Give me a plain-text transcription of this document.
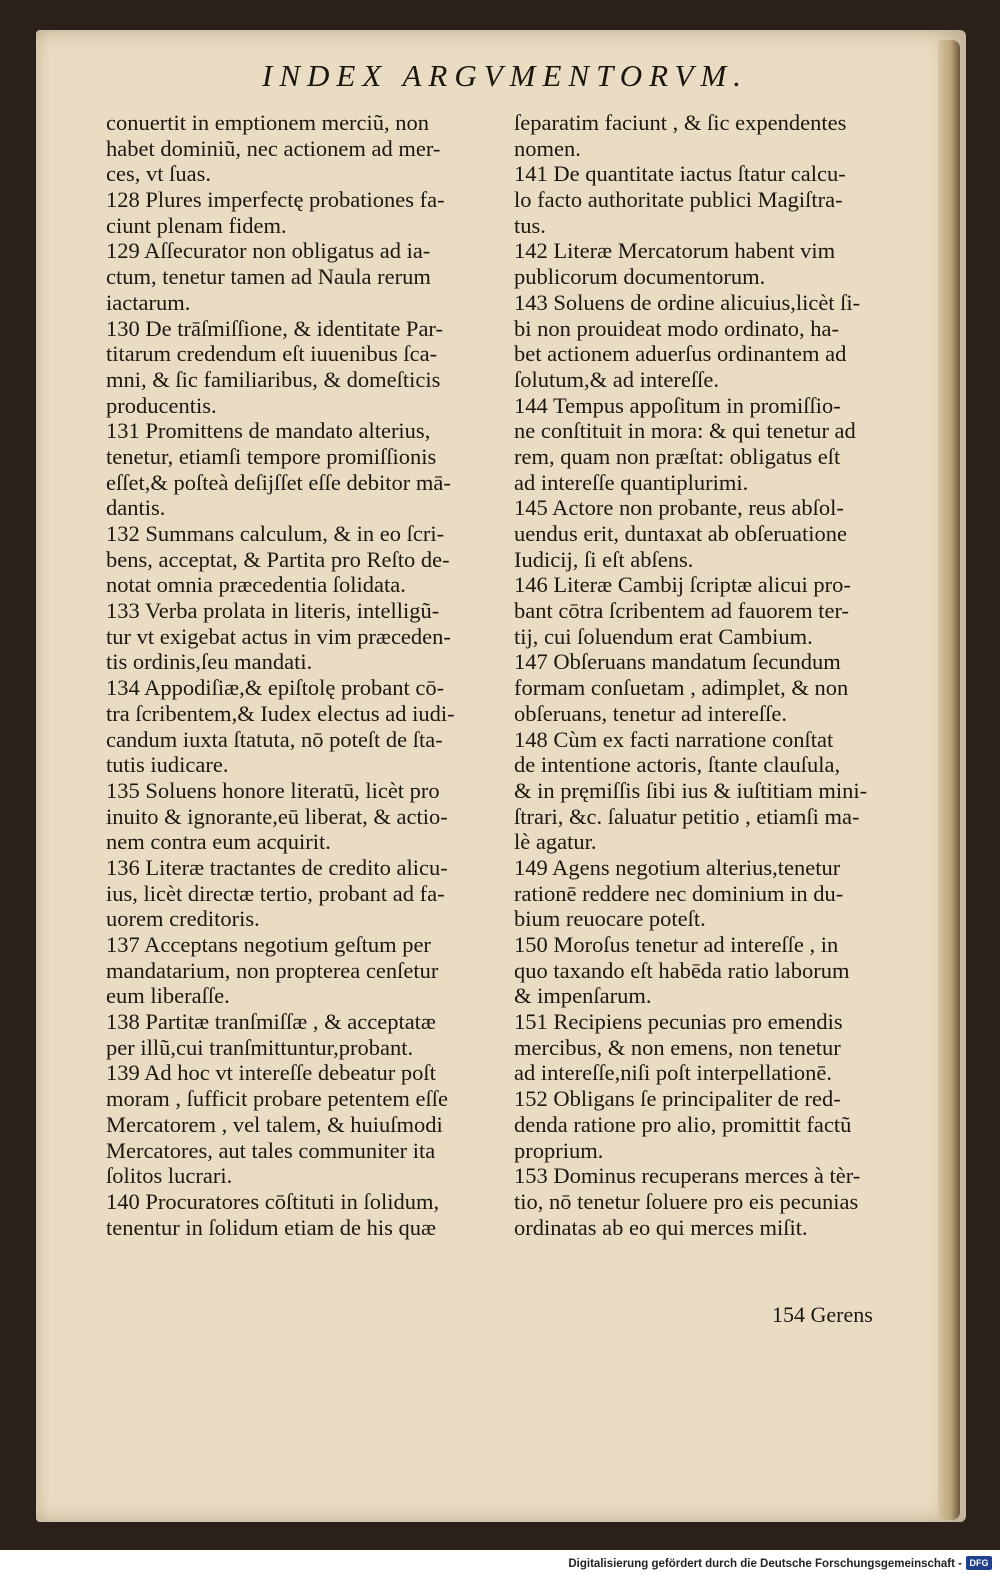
INDEX ARGVMENTORVM.
conuertit in emptionem merciũ, non
habet dominiũ, nec actionem ad mer-
ces, vt ſuas.
128 Plures imperfectę probationes fa-
ciunt plenam fidem.
129 Aſſecurator non obligatus ad ia-
ctum, tenetur tamen ad Naula rerum
iactarum.
130 De trāſmiſſione, & identitate Par-
titarum credendum eſt iuuenibus ſca-
mni, & ſic familiaribus, & domeſticis
producentis.
131 Promittens de mandato alterius,
tenetur, etiamſi tempore promiſſionis
eſſet,& poſteà deſijſſet eſſe debitor mā-
dantis.
132 Summans calculum, & in eo ſcri-
bens, acceptat, & Partita pro Reſto de-
notat omnia præcedentia ſolidata.
133 Verba prolata in literis, intelligũ-
tur vt exigebat actus in vim præceden-
tis ordinis,ſeu mandati.
134 Appodiſiæ,& epiſtolę probant cō-
tra ſcribentem,& Iudex electus ad iudi-
candum iuxta ſtatuta, nō poteſt de ſta-
tutis iudicare.
135 Soluens honore literatū, licèt pro
inuito & ignorante,eū liberat, & actio-
nem contra eum acquirit.
136 Literæ tractantes de credito alicu-
ius, licèt directæ tertio, probant ad fa-
uorem creditoris.
137 Acceptans negotium geſtum per
mandatarium, non propterea cenſetur
eum liberaſſe.
138 Partitæ tranſmiſſæ , & acceptatæ
per illũ,cui tranſmittuntur,probant.
139 Ad hoc vt intereſſe debeatur poſt
moram , ſufficit probare petentem eſſe
Mercatorem , vel talem, & huiuſmodi
Mercatores, aut tales communiter ita
ſolitos lucrari.
140 Procuratores cōſtituti in ſolidum,
tenentur in ſolidum etiam de his quæ
ſeparatim faciunt , & ſic expendentes
nomen.
141 De quantitate iactus ſtatur calcu-
lo facto authoritate publici Magiſtra-
tus.
142 Literæ Mercatorum habent vim
publicorum documentorum.
143 Soluens de ordine alicuius,licèt ſi-
bi non prouideat modo ordinato, ha-
bet actionem aduerſus ordinantem ad
ſolutum,& ad intereſſe.
144 Tempus appoſitum in promiſſio-
ne conſtituit in mora: & qui tenetur ad
rem, quam non præſtat: obligatus eſt
ad intereſſe quantiplurimi.
145 Actore non probante, reus abſol-
uendus erit, duntaxat ab obſeruatione
Iudicij, ſi eſt abſens.
146 Literæ Cambij ſcriptæ alicui pro-
bant cōtra ſcribentem ad fauorem ter-
tij, cui ſoluendum erat Cambium.
147 Obſeruans mandatum ſecundum
formam conſuetam , adimplet, & non
obſeruans, tenetur ad intereſſe.
148 Cùm ex facti narratione conſtat
de intentione actoris, ſtante clauſula,
& in pręmiſſis ſibi ius & iuſtitiam mini-
ſtrari, &c. ſaluatur petitio , etiamſi ma-
lè agatur.
149 Agens negotium alterius,tenetur
rationē reddere nec dominium in du-
bium reuocare poteſt.
150 Moroſus tenetur ad intereſſe , in
quo taxando eſt habēda ratio laborum
& impenſarum.
151 Recipiens pecunias pro emendis
mercibus, & non emens, non tenetur
ad intereſſe,niſi poſt interpellationē.
152 Obligans ſe principaliter de red-
denda ratione pro alio, promittit factũ
proprium.
153 Dominus recuperans merces à tèr-
tio, nō tenetur ſoluere pro eis pecunias
ordinatas ab eo qui merces miſit.
154 Gerens
Digitalisierung gefördert durch die Deutsche Forschungsgemeinschaft - DFG
